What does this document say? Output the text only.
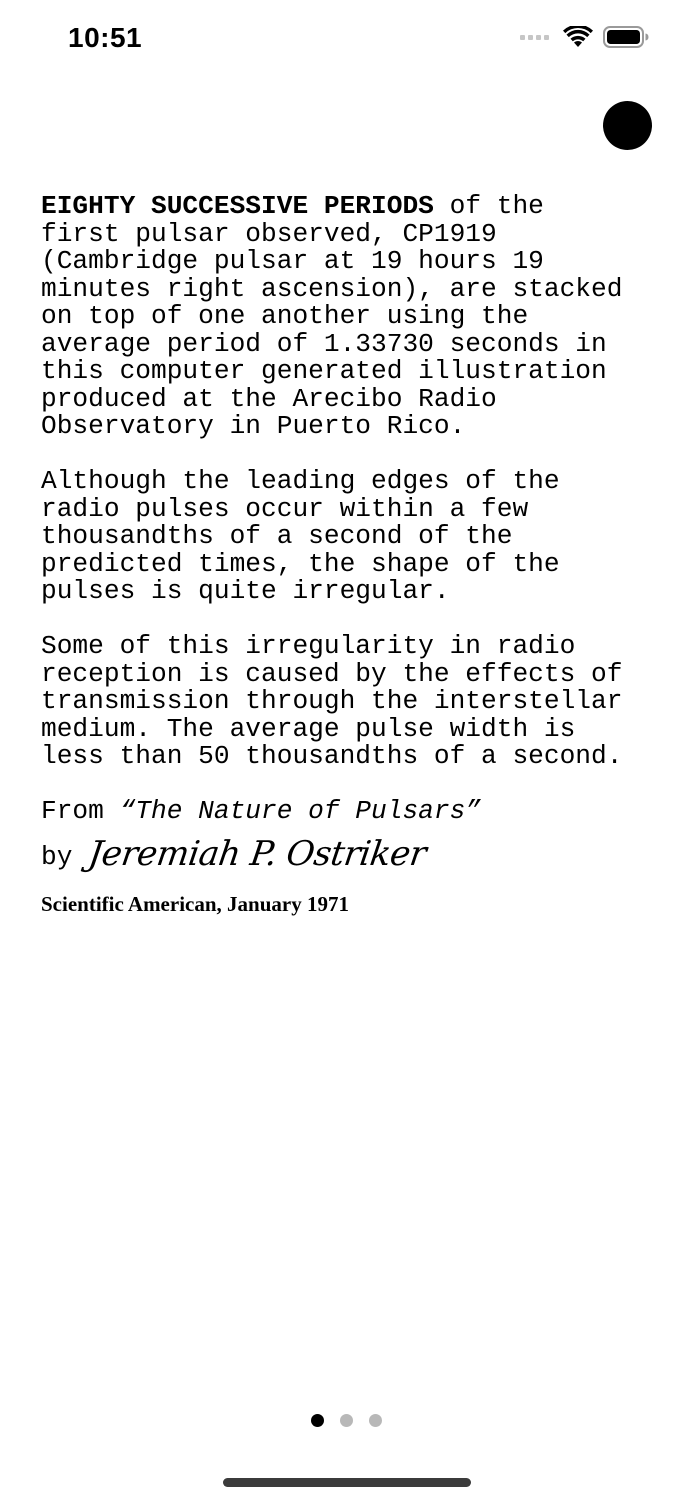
10:51

EIGHTY SUCCESSIVE PERIODS of the
first pulsar observed, CP1919
(Cambridge pulsar at 19 hours 19
minutes right ascension), are stacked
on top of one another using the
average period of 1.33730 seconds in
this computer generated illustration
produced at the Arecibo Radio
Observatory in Puerto Rico.

Although the leading edges of the
radio pulses occur within a few
thousandths of a second of the
predicted times, the shape of the
pulses is quite irregular.

Some of this irregularity in radio
reception is caused by the effects of
transmission through the interstellar
medium. The average pulse width is
less than 50 thousandths of a second.

From “The Nature of Pulsars”

by Jeremiah P. Ostriker
Scientific American, January 1971
